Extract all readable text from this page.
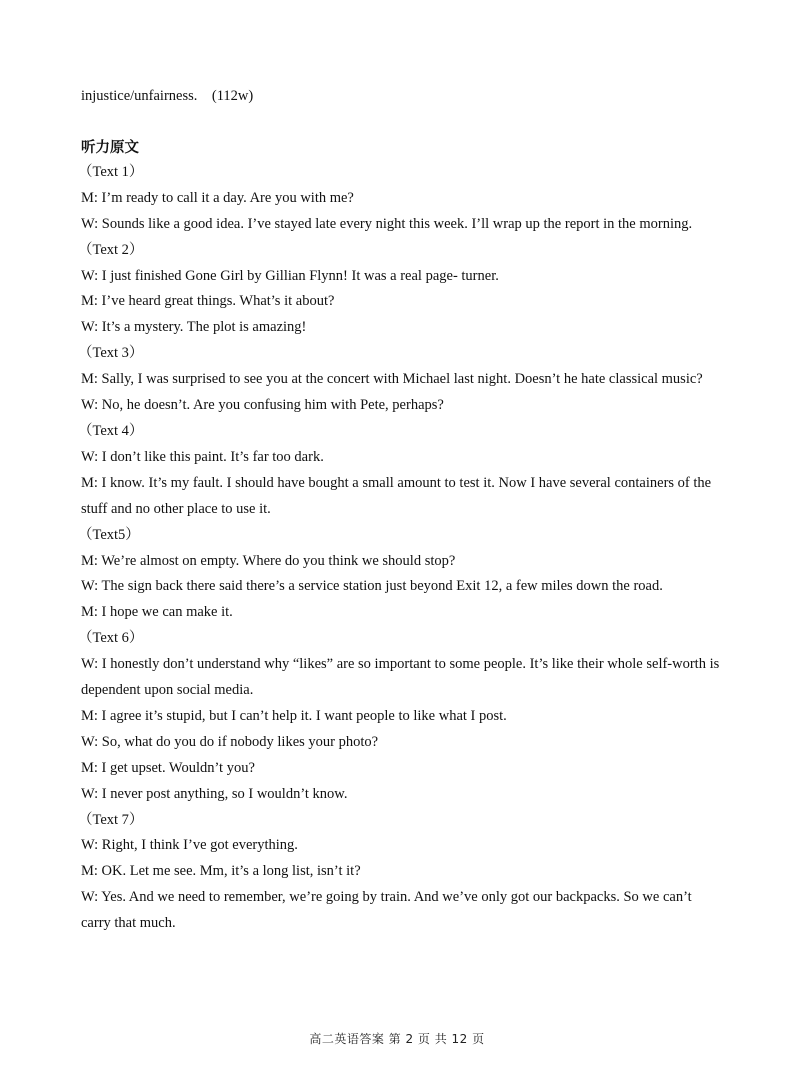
injustice/unfairness.    (112w)
听力原文
（Text 1）
M: I’m ready to call it a day. Are you with me?
W: Sounds like a good idea. I’ve stayed late every night this week. I’ll wrap up the report in the morning.
（Text 2）
W: I just finished Gone Girl by Gillian Flynn! It was a real page- turner.
M: I’ve heard great things. What’s it about?
W: It’s a mystery. The plot is amazing!
（Text 3）
M: Sally, I was surprised to see you at the concert with Michael last night. Doesn’t he hate classical music?
W: No, he doesn’t. Are you confusing him with Pete, perhaps?
（Text 4）
W: I don’t like this paint. It’s far too dark.
M: I know. It’s my fault. I should have bought a small amount to test it. Now I have several containers of the stuff and no other place to use it.
（Text5）
M: We’re almost on empty. Where do you think we should stop?
W: The sign back there said there’s a service station just beyond Exit 12, a few miles down the road.
M: I hope we can make it.
（Text 6）
W: I honestly don’t understand why “likes” are so important to some people. It’s like their whole self-worth is dependent upon social media.
M: I agree it’s stupid, but I can’t help it. I want people to like what I post.
W: So, what do you do if nobody likes your photo?
M: I get upset. Wouldn’t you?
W: I never post anything, so I wouldn’t know.
（Text 7）
W: Right, I think I’ve got everything.
M: OK. Let me see. Mm, it’s a long list, isn’t it?
W: Yes. And we need to remember, we’re going by train. And we’ve only got our backpacks. So we can’t carry that much.
高二英语答案 第 2 页 共 12 页
